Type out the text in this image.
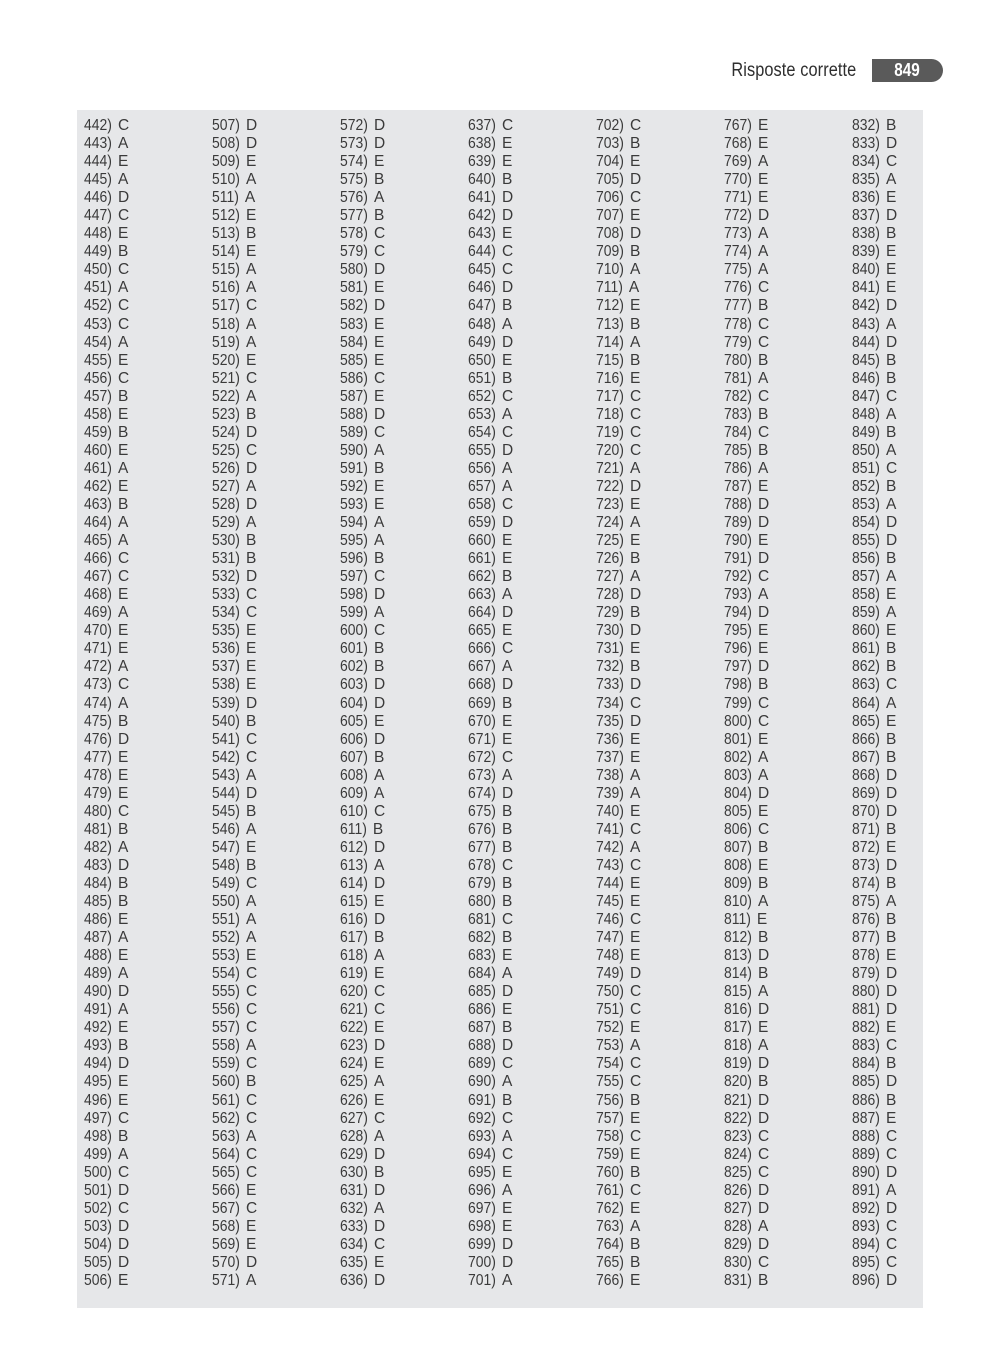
Risposte corrette	849
442) C
443) A
444) E
445) A
446) D
447) C
448) E
449) B
450) C
451) A
452) C
453) C
454) A
455) E
456) C
457) B
458) E
459) B
460) E
461) A
462) E
463) B
464) A
465) A
466) C
467) C
468) E
469) A
470) E
471) E
472) A
473) C
474) A
475) B
476) D
477) E
478) E
479) E
480) C
481) B
482) A
483) D
484) B
485) B
486) E
487) A
488) E
489) A
490) D
491) A
492) E
493) B
494) D
495) E
496) E
497) C
498) B
499) A
500) C
501) D
502) C
503) D
504) D
505) D
506) E
507) D
508) D
509) E
510) A
511) A
512) E
513) B
514) E
515) A
516) A
517) C
518) A
519) A
520) E
521) C
522) A
523) B
524) D
525) C
526) D
527) A
528) D
529) A
530) B
531) B
532) D
533) C
534) C
535) E
536) E
537) E
538) E
539) D
540) B
541) C
542) C
543) A
544) D
545) B
546) A
547) E
548) B
549) C
550) A
551) A
552) A
553) E
554) C
555) C
556) C
557) C
558) A
559) C
560) B
561) C
562) C
563) A
564) C
565) C
566) E
567) C
568) E
569) E
570) D
571) A
572) D
573) D
574) E
575) B
576) A
577) B
578) C
579) C
580) D
581) E
582) D
583) E
584) E
585) E
586) C
587) E
588) D
589) C
590) A
591) B
592) E
593) E
594) A
595) A
596) B
597) C
598) D
599) A
600) C
601) B
602) B
603) D
604) D
605) E
606) D
607) B
608) A
609) A
610) C
611) B
612) D
613) A
614) D
615) E
616) D
617) B
618) A
619) E
620) C
621) C
622) E
623) D
624) E
625) A
626) E
627) C
628) A
629) D
630) B
631) D
632) A
633) D
634) C
635) E
636) D
637) C
638) E
639) E
640) B
641) D
642) D
643) E
644) C
645) C
646) D
647) B
648) A
649) D
650) E
651) B
652) C
653) A
654) C
655) D
656) A
657) A
658) C
659) D
660) E
661) E
662) B
663) A
664) D
665) E
666) C
667) A
668) D
669) B
670) E
671) E
672) C
673) A
674) D
675) B
676) B
677) B
678) C
679) B
680) B
681) C
682) B
683) E
684) A
685) D
686) E
687) B
688) D
689) C
690) A
691) B
692) C
693) A
694) C
695) E
696) A
697) E
698) E
699) D
700) D
701) A
702) C
703) B
704) E
705) D
706) C
707) E
708) D
709) B
710) A
711) A
712) E
713) B
714) A
715) B
716) E
717) C
718) C
719) C
720) C
721) A
722) D
723) E
724) A
725) E
726) B
727) A
728) D
729) B
730) D
731) E
732) B
733) D
734) C
735) D
736) E
737) E
738) A
739) A
740) E
741) C
742) A
743) C
744) E
745) E
746) C
747) E
748) E
749) D
750) C
751) C
752) E
753) A
754) C
755) C
756) B
757) E
758) C
759) E
760) B
761) C
762) E
763) A
764) B
765) B
766) E
767) E
768) E
769) A
770) E
771) E
772) D
773) A
774) A
775) A
776) C
777) B
778) C
779) C
780) B
781) A
782) C
783) B
784) C
785) B
786) A
787) E
788) D
789) D
790) E
791) D
792) C
793) A
794) D
795) E
796) E
797) D
798) B
799) C
800) C
801) E
802) A
803) A
804) D
805) E
806) C
807) B
808) E
809) B
810) A
811) E
812) B
813) D
814) B
815) A
816) D
817) E
818) A
819) D
820) B
821) D
822) D
823) C
824) C
825) C
826) D
827) D
828) A
829) D
830) C
831) B
832) B
833) D
834) C
835) A
836) E
837) D
838) B
839) E
840) E
841) E
842) D
843) A
844) D
845) B
846) B
847) C
848) A
849) B
850) A
851) C
852) B
853) A
854) D
855) D
856) B
857) A
858) E
859) A
860) E
861) B
862) B
863) C
864) A
865) E
866) B
867) B
868) D
869) D
870) D
871) B
872) E
873) D
874) B
875) A
876) B
877) B
878) E
879) D
880) D
881) D
882) E
883) C
884) B
885) D
886) B
887) E
888) C
889) C
890) D
891) A
892) D
893) C
894) C
895) C
896) D
